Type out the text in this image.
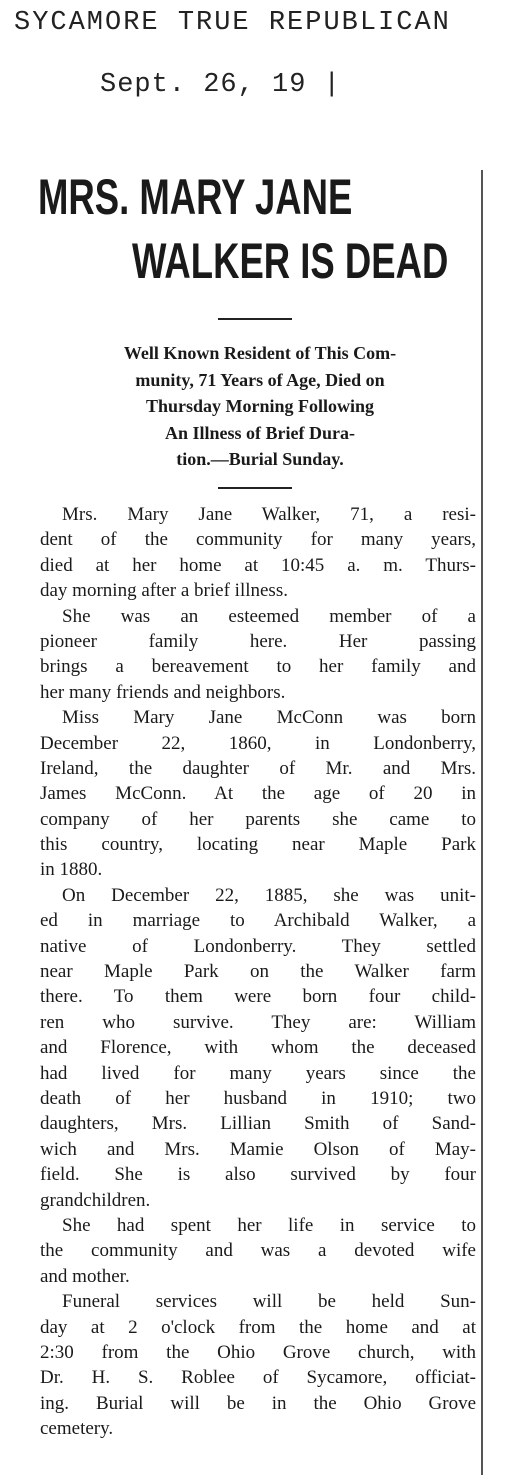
SYCAMORE TRUE REPUBLICAN
Sept. 26, 19 |
MRS. MARY JANE
WALKER IS DEAD
Well Known Resident of This Com-
munity, 71 Years of Age, Died on
Thursday Morning Following
An Illness of Brief Dura-
tion.—Burial Sunday.
Mrs. Mary Jane Walker, 71, a resi-
dent of the community for many years,
died at her home at 10:45 a. m. Thurs-
day morning after a brief illness.
She was an esteemed member of a
pioneer family here. Her passing
brings a bereavement to her family and
her many friends and neighbors.
Miss Mary Jane McConn was born
December 22, 1860, in Londonberry,
Ireland, the daughter of Mr. and Mrs.
James McConn. At the age of 20 in
company of her parents she came to
this country, locating near Maple Park
in 1880.
On December 22, 1885, she was unit-
ed in marriage to Archibald Walker, a
native of Londonberry. They settled
near Maple Park on the Walker farm
there. To them were born four child-
ren who survive. They are: William
and Florence, with whom the deceased
had lived for many years since the
death of her husband in 1910; two
daughters, Mrs. Lillian Smith of Sand-
wich and Mrs. Mamie Olson of May-
field. She is also survived by four
grandchildren.
She had spent her life in service to
the community and was a devoted wife
and mother.
Funeral services will be held Sun-
day at 2 o'clock from the home and at
2:30 from the Ohio Grove church, with
Dr. H. S. Roblee of Sycamore, officiat-
ing. Burial will be in the Ohio Grove
cemetery.
